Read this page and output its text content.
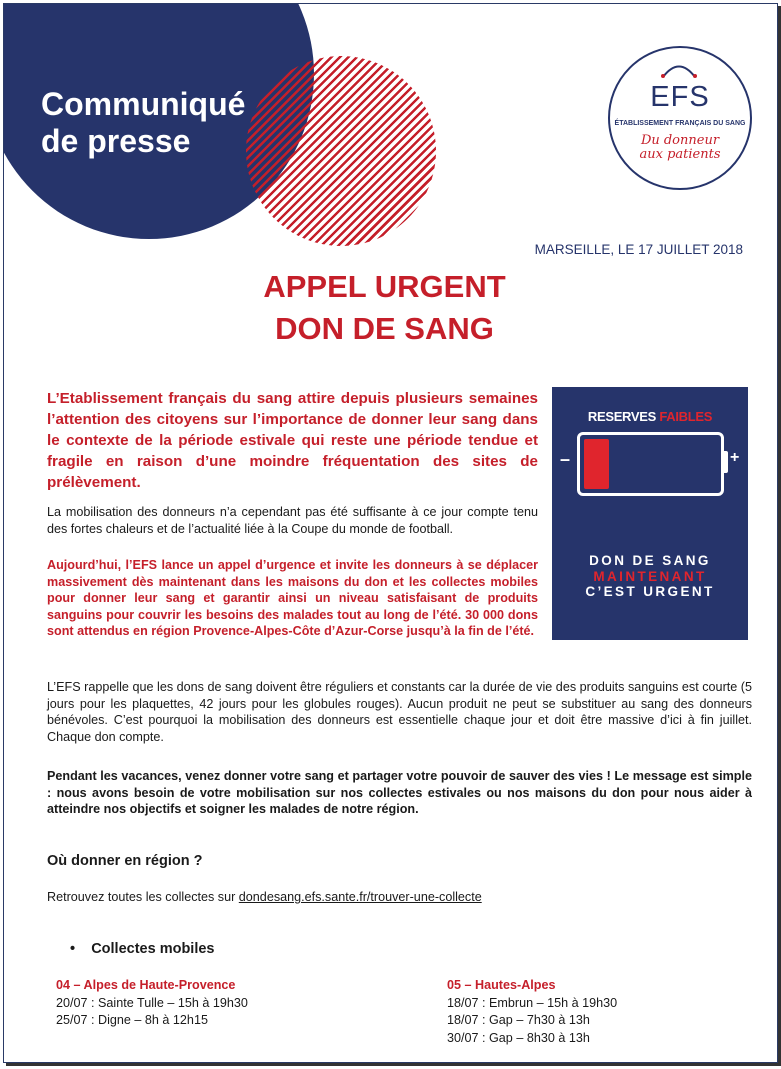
Communiqué
de presse
EFS
ÉTABLISSEMENT FRANÇAIS DU SANG
Du donneur
aux patients
MARSEILLE, LE 17 JUILLET 2018
APPEL URGENT
DON DE SANG
L’Etablissement français du sang attire depuis plusieurs semaines l’attention des citoyens sur l’importance de donner leur sang dans le contexte de la période estivale qui reste une période tendue et fragile en raison d’une moindre fréquentation des sites de prélèvement.
La mobilisation des donneurs n’a cependant pas été suffisante à ce jour compte tenu des fortes chaleurs et de l’actualité liée à la Coupe du monde de football.
Aujourd’hui, l’EFS lance un appel d’urgence et invite les donneurs à se déplacer massivement dès maintenant dans les maisons du don et les collectes mobiles pour donner leur sang et garantir ainsi un niveau satisfaisant de produits sanguins pour couvrir les besoins des malades tout au long de l’été. 30 000 dons sont attendus en région Provence-Alpes-Côte d’Azur-Corse jusqu’à la fin de l’été.
L’EFS rappelle que les dons de sang doivent être réguliers et constants car la durée de vie des produits sanguins est courte (5 jours pour les plaquettes, 42 jours pour les globules rouges). Aucun produit ne peut se substituer au sang des donneurs bénévoles. C’est pourquoi la mobilisation des donneurs est essentielle chaque jour et doit être massive d’ici à fin juillet. Chaque don compte.
Pendant les vacances, venez donner votre sang et partager votre pouvoir de sauver des vies ! Le message est simple : nous avons besoin de votre mobilisation sur nos collectes estivales ou nos maisons du don pour nous aider à atteindre nos objectifs et soigner les malades de notre région.
RESERVES FAIBLES
–	+
DON DE SANG
MAINTENANT
C’EST URGENT
Où donner en région ?
Retrouvez toutes les collectes sur dondesang.efs.sante.fr/trouver-une-collecte
• Collectes mobiles
04 – Alpes de Haute-Provence
20/07 : Sainte Tulle – 15h à 19h30
25/07 : Digne – 8h à 12h15
05 – Hautes-Alpes
18/07 : Embrun – 15h à 19h30
18/07 : Gap – 7h30 à 13h
30/07 : Gap – 8h30 à 13h
